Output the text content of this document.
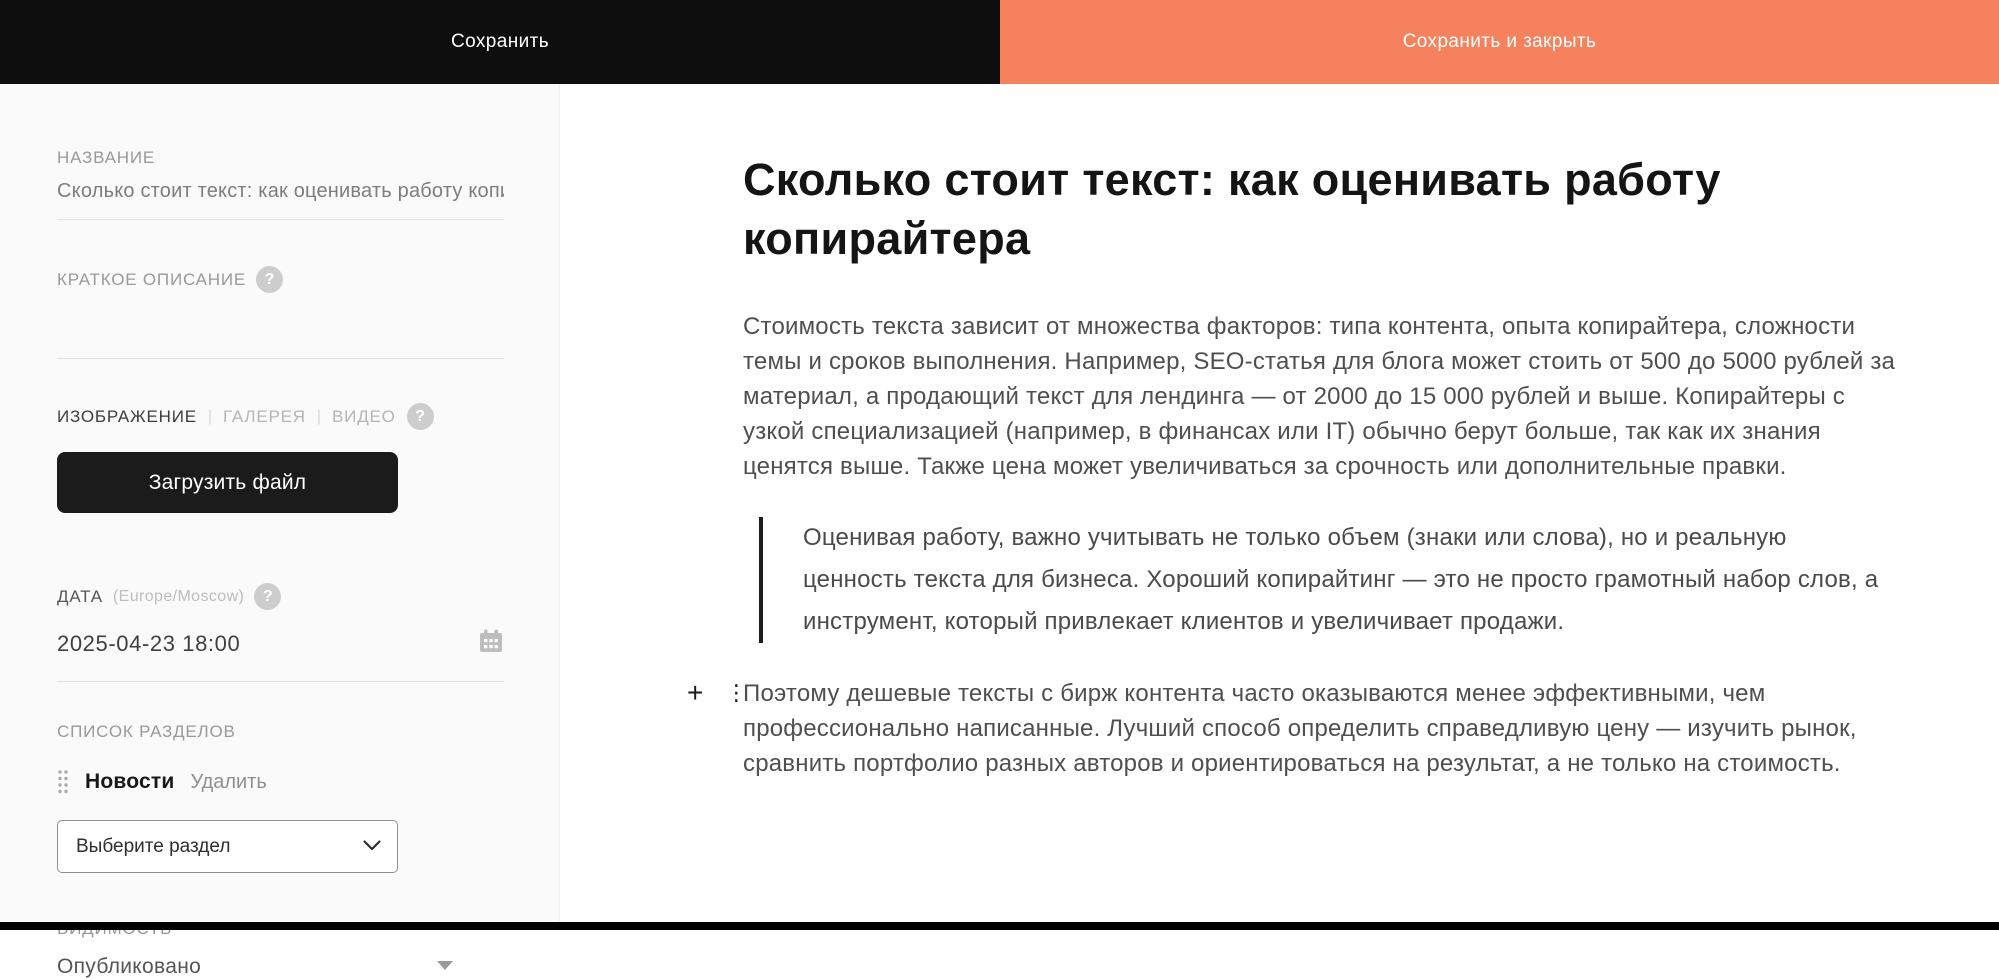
Сохранить	Сохранить и закрыть
НАЗВАНИЕ
Сколько стоит текст: как оценивать работу копирайтера
КРАТКОЕ ОПИСАНИЕ	?
ИЗОБРАЖЕНИЕ | ГАЛЕРЕЯ | ВИДЕО	?
Загрузить файл
ДАТА (Europe/Moscow)	?
2025-04-23 18:00
СПИСОК РАЗДЕЛОВ
Новости Удалить
Выберите раздел
Опубликовано
Сколько стоит текст: как оценивать работу копирайтера

Стоимость текста зависит от множества факторов: типа контента, опыта копирайтера, сложности темы и сроков выполнения. Например, SEO-статья для блога может стоить от 500 до 5000 рублей за материал, а продающий текст для лендинга — от 2000 до 15 000 рублей и выше. Копирайтеры с узкой специализацией (например, в финансах или IT) обычно берут больше, так как их знания ценятся выше. Также цена может увеличиваться за срочность или дополнительные правки.

Оценивая работу, важно учитывать не только объем (знаки или слова), но и реальную ценность текста для бизнеса. Хороший копирайтинг — это не просто грамотный набор слов, а инструмент, который привлекает клиентов и увеличивает продажи.
+ ⋮

Поэтому дешевые тексты с бирж контента часто оказываются менее эффективными, чем профессионально написанные. Лучший способ определить справедливую цену — изучить рынок, сравнить портфолио разных авторов и ориентироваться на результат, а не только на стоимость.
